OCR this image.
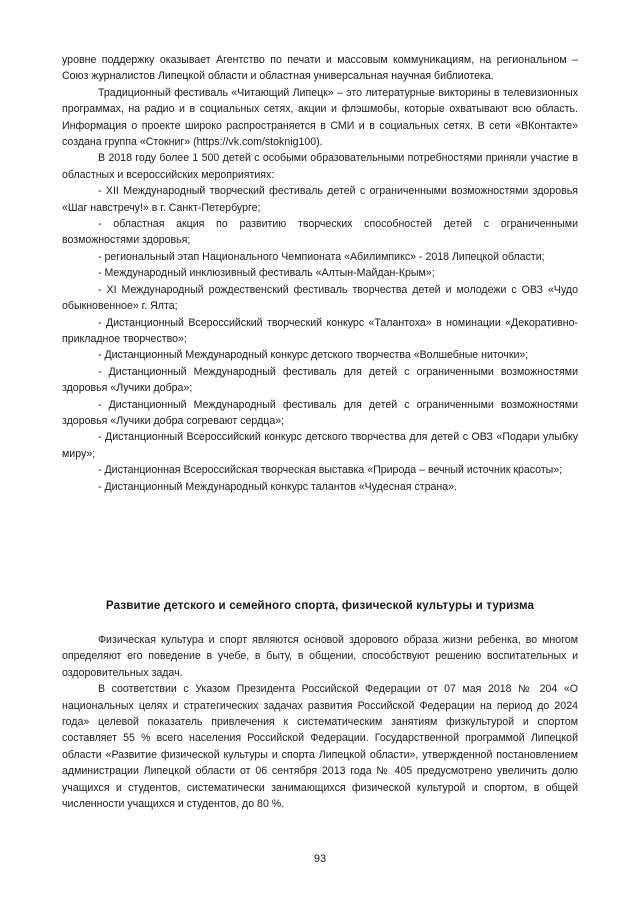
уровне поддержку оказывает Агентство по печати и массовым коммуникациям, на региональном – Союз журналистов Липецкой области и областная универсальная научная библиотека.

Традиционный фестиваль «Читающий Липецк» – это литературные викторины в телевизионных программах, на радио и в социальных сетях, акции и флэшмобы, которые охватывают всю область. Информация о проекте широко распространяется в СМИ и в социальных сетях. В сети «ВКонтакте» создана группа «Стокниг» (https://vk.com/stoknig100).

В 2018 году более 1 500 детей с особыми образовательными потребностями приняли участие в областных и всероссийских мероприятиях:

- XII Международный творческий фестиваль детей с ограниченными возможностями здоровья «Шаг навстречу!» в г. Санкт-Петербурге;

- областная акция по развитию творческих способностей детей с ограниченными возможностями здоровья;

- региональный этап Национального Чемпионата «Абилимпикс» - 2018 Липецкой области;

- Международный инклюзивный фестиваль «Алтын-Майдан-Крым»;

- XI Международный рождественский фестиваль творчества детей и молодежи с ОВЗ «Чудо обыкновенное» г. Ялта;

- Дистанционный Всероссийский творческий конкурс «Талантоха» в номинации «Декоративно-прикладное творчество»;

- Дистанционный Международный конкурс детского творчества «Волшебные ниточки»;

- Дистанционный Международный фестиваль для детей с ограниченными возможностями здоровья «Лучики добра»;

- Дистанционный Международный фестиваль для детей с ограниченными возможностями здоровья «Лучики добра согревают сердца»;

- Дистанционный Всероссийский конкурс детского творчества для детей с ОВЗ «Подари улыбку миру»;

- Дистанционная Всероссийская творческая выставка «Природа – вечный источник красоты»;

- Дистанционный Международный конкурс талантов «Чудесная страна».

Развитие детского и семейного спорта, физической культуры и туризма

Физическая культура и спорт являются основой здорового образа жизни ребенка, во многом определяют его поведение в учебе, в быту, в общении, способствуют решению воспитательных и оздоровительных задач.

В соответствии с Указом Президента Российской Федерации от 07 мая 2018 № 204 «О национальных целях и стратегических задачах развития Российской Федерации на период до 2024 года» целевой показатель привлечения к систематическим занятиям физкультурой и спортом составляет 55 % всего населения Российской Федерации. Государственной программой Липецкой области «Развитие физической культуры и спорта Липецкой области», утвержденной постановлением администрации Липецкой области от 06 сентября 2013 года № 405 предусмотрено увеличить долю учащихся и студентов, систематически занимающихся физической культурой и спортом, в общей численности учащихся и студентов, до 80 %.

93
